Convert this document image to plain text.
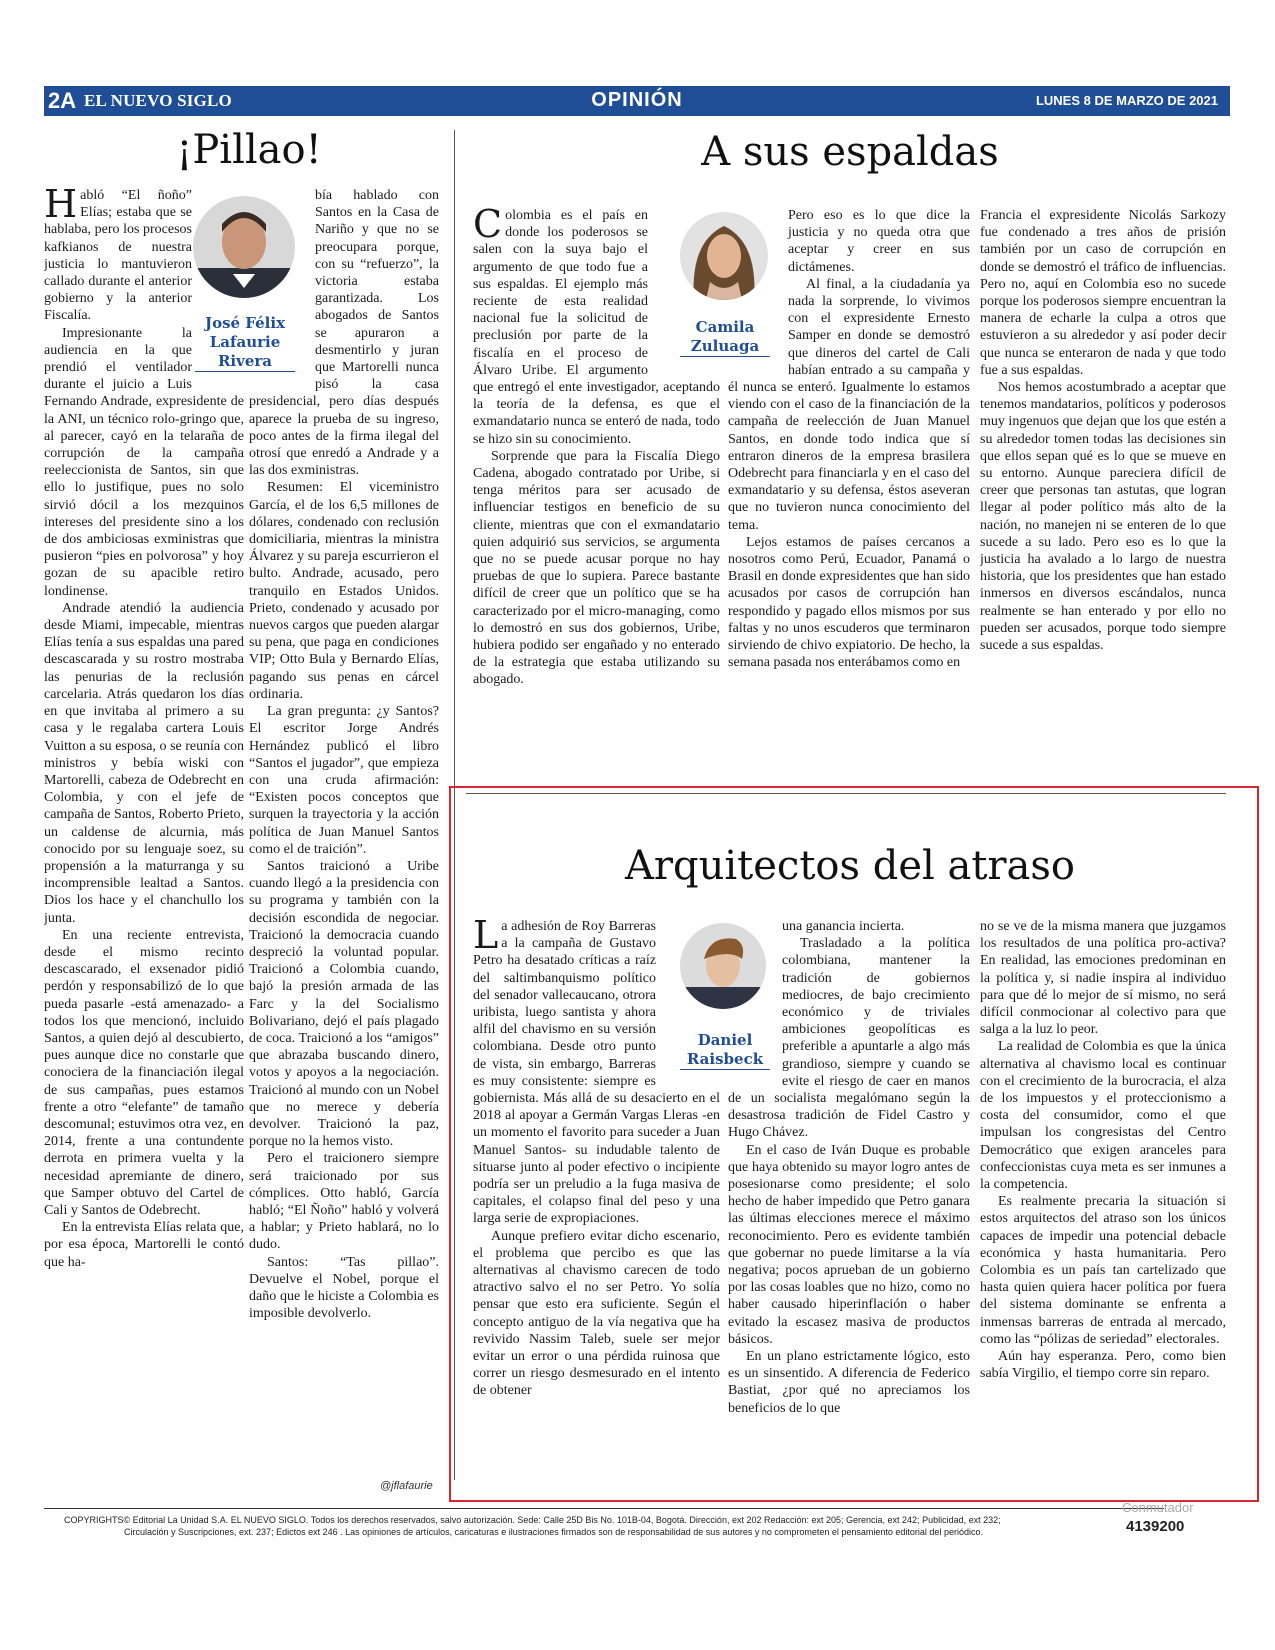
2A EL NUEVO SIGLO	OPINIÓN	LUNES 8 DE MARZO DE 2021
¡Pillao!
José Félix
Lafaurie
Rivera

Habló “El ñoño” Elías; estaba que se hablaba, pero los procesos kafkianos de nuestra justicia lo mantuvieron callado durante el anterior gobierno y la anterior Fiscalía.

Impresionante la audiencia en la que prendió el ventilador durante el juicio a Luis Fernando Andrade, expresidente de la ANI, un técnico rolo-gringo que, al parecer, cayó en la telaraña de corrupción de la campaña reeleccionista de Santos, sin que ello lo justifique, pues no solo sirvió dócil a los mezquinos intereses del presidente sino a los de dos ambiciosas exministras que pusieron “pies en polvorosa” y hoy gozan de su apacible retiro londinense.

Andrade atendió la audiencia desde Miami, impecable, mientras Elías tenía a sus espaldas una pared descascarada y su rostro mostraba las penurias de la reclusión carcelaria. Atrás quedaron los días en que invitaba al primero a su casa y le regalaba cartera Louis Vuitton a su esposa, o se reunía con ministros y bebía wiski con Martorelli, cabeza de Odebrecht en Colombia, y con el jefe de campaña de Santos, Roberto Prieto, un caldense de alcurnia, más conocido por su lenguaje soez, su propensión a la maturranga y su incomprensible lealtad a Santos. Dios los hace y el chanchullo los junta.

En una reciente entrevista, desde el mismo recinto descascarado, el exsenador pidió perdón y responsabilizó de lo que pueda pasarle -está amenazado- a todos los que mencionó, incluido Santos, a quien dejó al descubierto, pues aunque dice no constarle que conociera de la financiación ilegal de sus campañas, pues estamos frente a otro “elefante” de tamaño descomunal; estuvimos otra vez, en 2014, frente a una contundente derrota en primera vuelta y la necesidad apremiante de dinero, que Samper obtuvo del Cartel de Cali y Santos de Odebrecht.

En la entrevista Elías relata que, por esa época, Martorelli le contó que ha-

bía hablado con Santos en la Casa de Nariño y que no se preocupara porque, con su “refuerzo”, la victoria estaba garantizada. Los abogados de Santos se apuraron a desmentirlo y juran que Martorelli nunca pisó la casa presidencial, pero días después aparece la prueba de su ingreso, poco antes de la firma ilegal del otrosí que enredó a Andrade y a las dos exministras.

Resumen: El viceministro García, el de los 6,5 millones de dólares, condenado con reclusión domiciliaria, mientras la ministra Álvarez y su pareja escurrieron el bulto. Andrade, acusado, pero tranquilo en Estados Unidos. Prieto, condenado y acusado por nuevos cargos que pueden alargar su pena, que paga en condiciones VIP; Otto Bula y Bernardo Elías, pagando sus penas en cárcel ordinaria.

La gran pregunta: ¿y Santos? El escritor Jorge Andrés Hernández publicó el libro “Santos el jugador”, que empieza con una cruda afirmación: “Existen pocos conceptos que surquen la trayectoria y la acción política de Juan Manuel Santos como el de traición”.

Santos traicionó a Uribe cuando llegó a la presidencia con su programa y también con la decisión escondida de negociar. Traicionó la democracia cuando despreció la voluntad popular. Traicionó a Colombia cuando, bajó la presión armada de las Farc y la del Socialismo Bolivariano, dejó el país plagado de coca. Traicionó a los “amigos” que abrazaba buscando dinero, votos y apoyos a la negociación. Traicionó al mundo con un Nobel que no merece y debería devolver. Traicionó la paz, porque no la hemos visto.

Pero el traicionero siempre será traicionado por sus cómplices. Otto habló, García habló; “El Ñoño” habló y volverá a hablar; y Prieto hablará, no lo dudo.

Santos: “Tas pillao”. Devuelve el Nobel, porque el daño que le hiciste a Colombia es imposible devolverlo.

@jflafaurie
A sus espaldas
Camila
Zuluaga

Colombia es el país en donde los poderosos se salen con la suya bajo el argumento de que todo fue a sus espaldas. El ejemplo más reciente de esta realidad nacional fue la solicitud de preclusión por parte de la fiscalía en el proceso de Álvaro Uribe. El argumento que entregó el ente investigador, aceptando la teoría de la defensa, es que el exmandatario nunca se enteró de nada, todo se hizo sin su conocimiento.

Sorprende que para la Fiscalía Diego Cadena, abogado contratado por Uribe, si tenga méritos para ser acusado de influenciar testigos en beneficio de su cliente, mientras que con el exmandatario quien adquirió sus servicios, se argumenta que no se puede acusar porque no hay pruebas de que lo supiera. Parece bastante difícil de creer que un político que se ha caracterizado por el micro-managing, como lo demostró en sus dos gobiernos, Uribe, hubiera podido ser engañado y no enterado de la estrategia que estaba utilizando su abogado.

Pero eso es lo que dice la justicia y no queda otra que aceptar y creer en sus dictámenes.

Al final, a la ciudadanía ya nada la sorprende, lo vivimos con el expresidente Ernesto Samper en donde se demostró que dineros del cartel de Cali habían entrado a su campaña y él nunca se enteró. Igualmente lo estamos viendo con el caso de la financiación de la campaña de reelección de Juan Manuel Santos, en donde todo indica que sí entraron dineros de la empresa brasilera Odebrecht para financiarla y en el caso del exmandatario y su defensa, éstos aseveran que no tuvieron nunca conocimiento del tema.

Lejos estamos de países cercanos a nosotros como Perú, Ecuador, Panamá o Brasil en donde expresidentes que han sido acusados por casos de corrupción han respondido y pagado ellos mismos por sus faltas y no unos escuderos que terminaron sirviendo de chivo expiatorio. De hecho, la semana pasada nos enterábamos como en

Francia el expresidente Nicolás Sarkozy fue condenado a tres años de prisión también por un caso de corrupción en donde se demostró el tráfico de influencias. Pero no, aquí en Colombia eso no sucede porque los poderosos siempre encuentran la manera de echarle la culpa a otros que estuvieron a su alrededor y así poder decir que nunca se enteraron de nada y que todo fue a sus espaldas.

Nos hemos acostumbrado a aceptar que tenemos mandatarios, políticos y poderosos muy ingenuos que dejan que los que estén a su alrededor tomen todas las decisiones sin que ellos sepan qué es lo que se mueve en su entorno. Aunque pareciera difícil de creer que personas tan astutas, que logran llegar al poder político más alto de la nación, no manejen ni se enteren de lo que sucede a su lado. Pero eso es lo que la justicia ha avalado a lo largo de nuestra historia, que los presidentes que han estado inmersos en diversos escándalos, nunca realmente se han enterado y por ello no pueden ser acusados, porque todo siempre sucede a sus espaldas.

Arquitectos del atraso
Daniel
Raisbeck

La adhesión de Roy Barreras a la campaña de Gustavo Petro ha desatado críticas a raíz del saltimbanquismo político del senador vallecaucano, otrora uribista, luego santista y ahora alfil del chavismo en su versión colombiana. Desde otro punto de vista, sin embargo, Barreras es muy consistente: siempre es gobiernista. Más allá de su desacierto en el 2018 al apoyar a Germán Vargas Lleras -en un momento el favorito para suceder a Juan Manuel Santos- su indudable talento de situarse junto al poder efectivo o incipiente podría ser un preludio a la fuga masiva de capitales, el colapso final del peso y una larga serie de expropiaciones.

Aunque prefiero evitar dicho escenario, el problema que percibo es que las alternativas al chavismo carecen de todo atractivo salvo el no ser Petro. Yo solía pensar que esto era suficiente. Según el concepto antiguo de la vía negativa que ha revivido Nassim Taleb, suele ser mejor evitar un error o una pérdida ruinosa que correr un riesgo desmesurado en el intento de obtener

una ganancia incierta.

Trasladado a la política colombiana, mantener la tradición de gobiernos mediocres, de bajo crecimiento económico y de triviales ambiciones geopolíticas es preferible a apuntarle a algo más grandioso, siempre y cuando se evite el riesgo de caer en manos de un socialista megalómano según la desastrosa tradición de Fidel Castro y Hugo Chávez.

En el caso de Iván Duque es probable que haya obtenido su mayor logro antes de posesionarse como presidente; el solo hecho de haber impedido que Petro ganara las últimas elecciones merece el máximo reconocimiento. Pero es evidente también que gobernar no puede limitarse a la vía negativa; pocos aprueban de un gobierno por las cosas loables que no hizo, como no haber causado hiperinflación o haber evitado la escasez masiva de productos básicos.

En un plano estrictamente lógico, esto es un sinsentido. A diferencia de Federico Bastiat, ¿por qué no apreciamos los beneficios de lo que

no se ve de la misma manera que juzgamos los resultados de una política pro-activa? En realidad, las emociones predominan en la política y, si nadie inspira al individuo para que dé lo mejor de sí mismo, no será difícil conmocionar al colectivo para que salga a la luz lo peor.

La realidad de Colombia es que la única alternativa al chavismo local es continuar con el crecimiento de la burocracia, el alza de los impuestos y el proteccionismo a costa del consumidor, como el que impulsan los congresistas del Centro Democrático que exigen aranceles para confeccionistas cuya meta es ser inmunes a la competencia.

Es realmente precaria la situación si estos arquitectos del atraso son los únicos capaces de impedir una potencial debacle económica y hasta humanitaria. Pero Colombia es un país tan cartelizado que hasta quien quiera hacer política por fuera del sistema dominante se enfrenta a inmensas barreras de entrada al mercado, como las “pólizas de seriedad” electorales.

Aún hay esperanza. Pero, como bien sabía Virgilio, el tiempo corre sin reparo.

COPYRIGHTS© Editorial La Unidad S.A. EL NUEVO SIGLO. Todos los derechos reservados, salvo autorización. Sede: Calle 25D Bis No. 101B-04, Bogotá. Dirección, ext 202 Redacción: ext 205; Gerencia, ext 242; Publicidad, ext 232;
Circulación y Suscripciones, ext. 237; Edictos ext 246 . Las opiniones de artículos, caricaturas e ilustraciones firmados son de responsabilidad de sus autores y no comprometen el pensamiento editorial del periódico.
Conmutador
4139200
